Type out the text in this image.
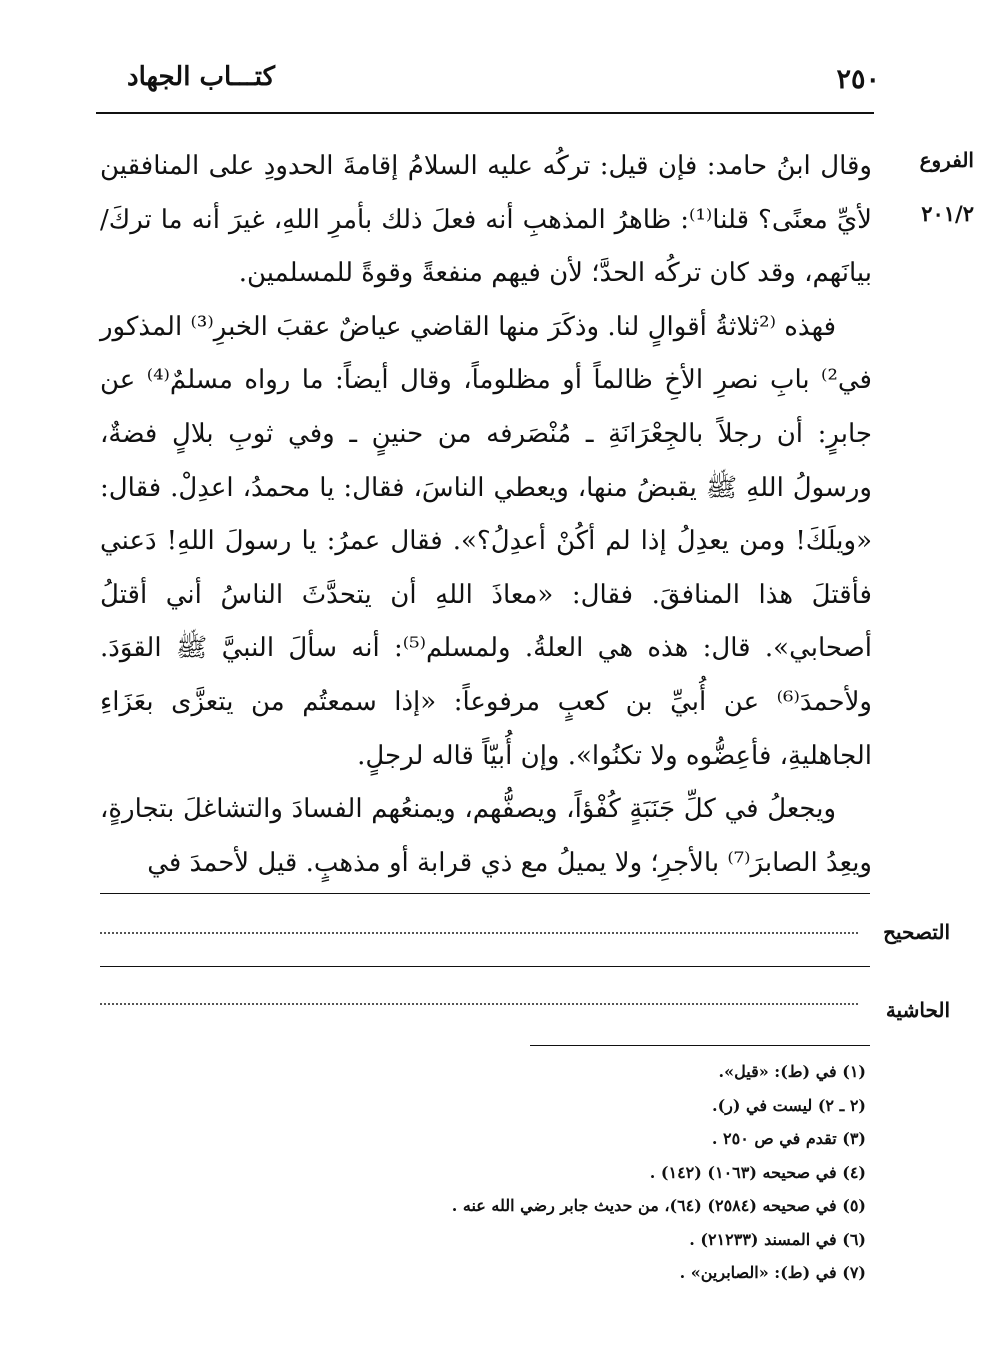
كتـــاب الجهاد	٢٥٠
الفروع
٢٠١/٢

وقال ابنُ حامد: فإن قيل: تركُه عليه السلامُ إقامةَ الحدودِ على المنافقين لأيِّ معنًى؟ قلنا⁽¹⁾: ظاهرُ المذهبِ أنه فعلَ ذلك بأمرِ اللهِ، غيرَ أنه ما تركَ/ بيانَهم، وقد كان تركُه الحدَّ؛ لأن فيهم منفعةً وقوةً للمسلمين.

فهذه ⁽²ثلاثةُ أقوالٍ لنا. وذكَرَ منها القاضي عياضٌ عقبَ الخبرِ⁽³⁾ المذكور في²⁾ بابِ نصرِ الأخِ ظالماً أو مظلوماً، وقال أيضاً: ما رواه مسلمٌ⁽⁴⁾ عن جابرٍ: أن رجلاً بالجِعْرَانَةِ ـ مُنْصَرفه من حنينٍ ـ وفي ثوبِ بلالٍ فضةٌ، ورسولُ اللهِ ﷺ يقبضُ منها، ويعطي الناسَ، فقال: يا محمدُ، اعدِلْ. فقال: «ويلَكَ! ومن يعدِلُ إذا لم أكُنْ أعدِلُ؟». فقال عمرُ: يا رسولَ اللهِ! دَعني فأقتلَ هذا المنافقَ. فقال: «معاذَ اللهِ أن يتحدَّثَ الناسُ أني أقتلُ أصحابي». قال: هذه هي العلةُ. ولمسلم⁽⁵⁾: أنه سألَ النبيَّ ﷺ القوَدَ. ولأحمدَ⁽⁶⁾ عن أُبيِّ بن كعبٍ مرفوعاً: «إذا سمعتُم من يتعزَّى بعَزَاءِ الجاهليةِ، فأعِضُّوه ولا تكنُوا». وإن أُبيّاً قاله لرجلٍ.

ويجعلُ في كلِّ جَنَبَةٍ كُفْؤاً، ويصفُّهم، ويمنعُهم الفسادَ والتشاغلَ بتجارةٍ، ويعِدُ الصابرَ⁽⁷⁾ بالأجرِ؛ ولا يميلُ مع ذي قرابة أو مذهبٍ. قيل لأحمدَ في

التصحيح
الحاشية
(١) في (ط): «قيل».
(٢ ـ ٢) ليست في (ر).
(٣) تقدم في ص ٢٥٠ .
(٤) في صحيحه (١٠٦٣) (١٤٢) .
(٥) في صحيحه (٢٥٨٤) (٦٤)، من حديث جابر رضي الله عنه .
(٦) في المسند (٢١٢٣٣) .
(٧) في (ط): «الصابرين» .
